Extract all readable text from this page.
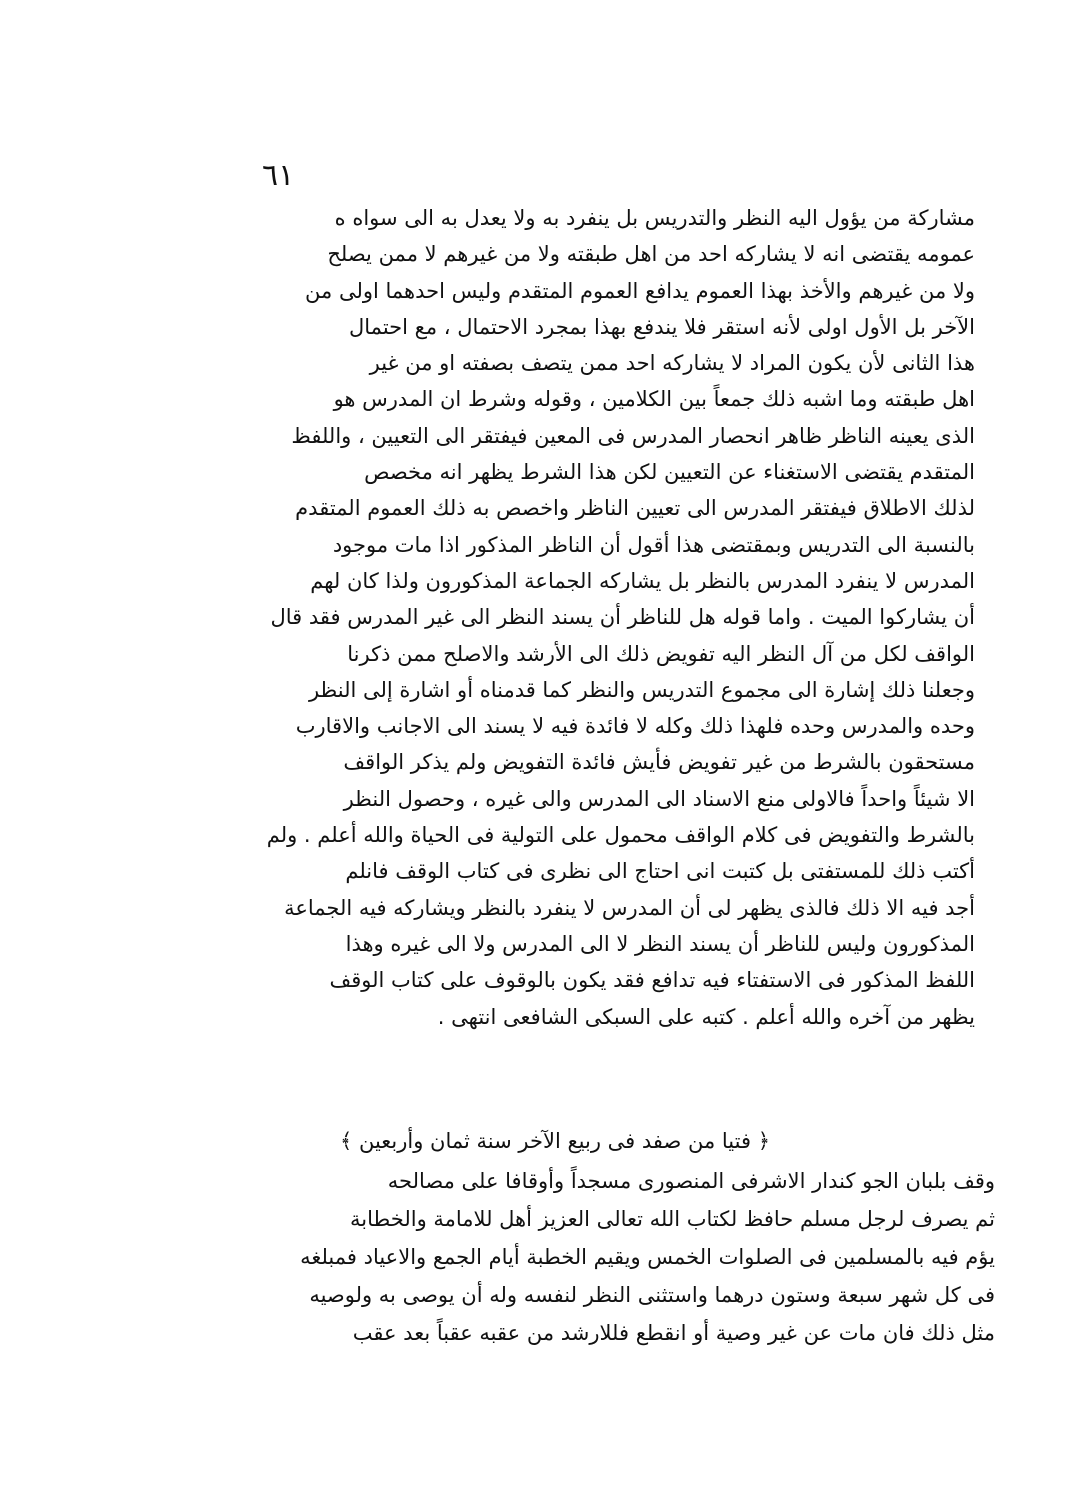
٦١
مشاركة من يؤول اليه النظر والتدريس بل ينفرد به ولا يعدل به الى سواه ه
عمومه يقتضى انه لا يشاركه احد من اهل طبقته ولا من غيرهم لا ممن يصلح
ولا من غيرهم والأخذ بهذا العموم يدافع العموم المتقدم وليس احدهما اولى من
الآخر بل الأول اولى لأنه استقر فلا يندفع بهذا بمجرد الاحتمال ، مع احتمال
هذا الثانى لأن يكون المراد لا يشاركه احد ممن يتصف بصفته او من غير
اهل طبقته وما اشبه ذلك جمعاً بين الكلامين ، وقوله وشرط ان المدرس هو
الذى يعينه الناظر ظاهر انحصار المدرس فى المعين فيفتقر الى التعيين ، واللفظ
المتقدم يقتضى الاستغناء عن التعيين لكن هذا الشرط يظهر انه مخصص
لذلك الاطلاق فيفتقر المدرس الى تعيين الناظر واخصص به ذلك العموم المتقدم
بالنسبة الى التدريس وبمقتضى هذا أقول أن الناظر المذكور اذا مات موجود
المدرس لا ينفرد المدرس بالنظر بل يشاركه الجماعة المذكورون ولذا كان لهم
أن يشاركوا الميت . واما قوله هل للناظر أن يسند النظر الى غير المدرس فقد قال
الواقف لكل من آل النظر اليه تفويض ذلك الى الأرشد والاصلح ممن ذكرنا
وجعلنا ذلك إشارة الى مجموع التدريس والنظر كما قدمناه أو اشارة إلى النظر
وحده والمدرس وحده فلهذا ذلك وكله لا فائدة فيه لا يسند الى الاجانب والاقارب
مستحقون بالشرط من غير تفويض فأيش فائدة التفويض ولم يذكر الواقف
الا شيئاً واحداً فالاولى منع الاسناد الى المدرس والى غيره ، وحصول النظر
بالشرط والتفويض فى كلام الواقف محمول على التولية فى الحياة والله أعلم . ولم
أكتب ذلك للمستفتى بل كتبت انى احتاج الى نظرى فى كتاب الوقف فانلم
أجد فيه الا ذلك فالذى يظهر لى أن المدرس لا ينفرد بالنظر ويشاركه فيه الجماعة
المذكورون وليس للناظر أن يسند النظر لا الى المدرس ولا الى غيره وهذا
اللفظ المذكور فى الاستفتاء فيه تدافع فقد يكون بالوقوف على كتاب الوقف
يظهر من آخره والله أعلم . كتبه على السبكى الشافعى انتهى .
﴿ فتيا من صفد فى ربيع الآخر سنة ثمان وأربعين ﴾
وقف بلبان الجو كندار الاشرفى المنصورى مسجداً وأوقافا على مصالحه
ثم يصرف لرجل مسلم حافظ لكتاب الله تعالى العزيز أهل للامامة والخطابة
يؤم فيه بالمسلمين فى الصلوات الخمس ويقيم الخطبة أيام الجمع والاعياد فمبلغه
فى كل شهر سبعة وستون درهما واستثنى النظر لنفسه وله أن يوصى به ولوصيه
مثل ذلك فان مات عن غير وصية أو انقطع فللارشد من عقبه عقباً بعد عقب
